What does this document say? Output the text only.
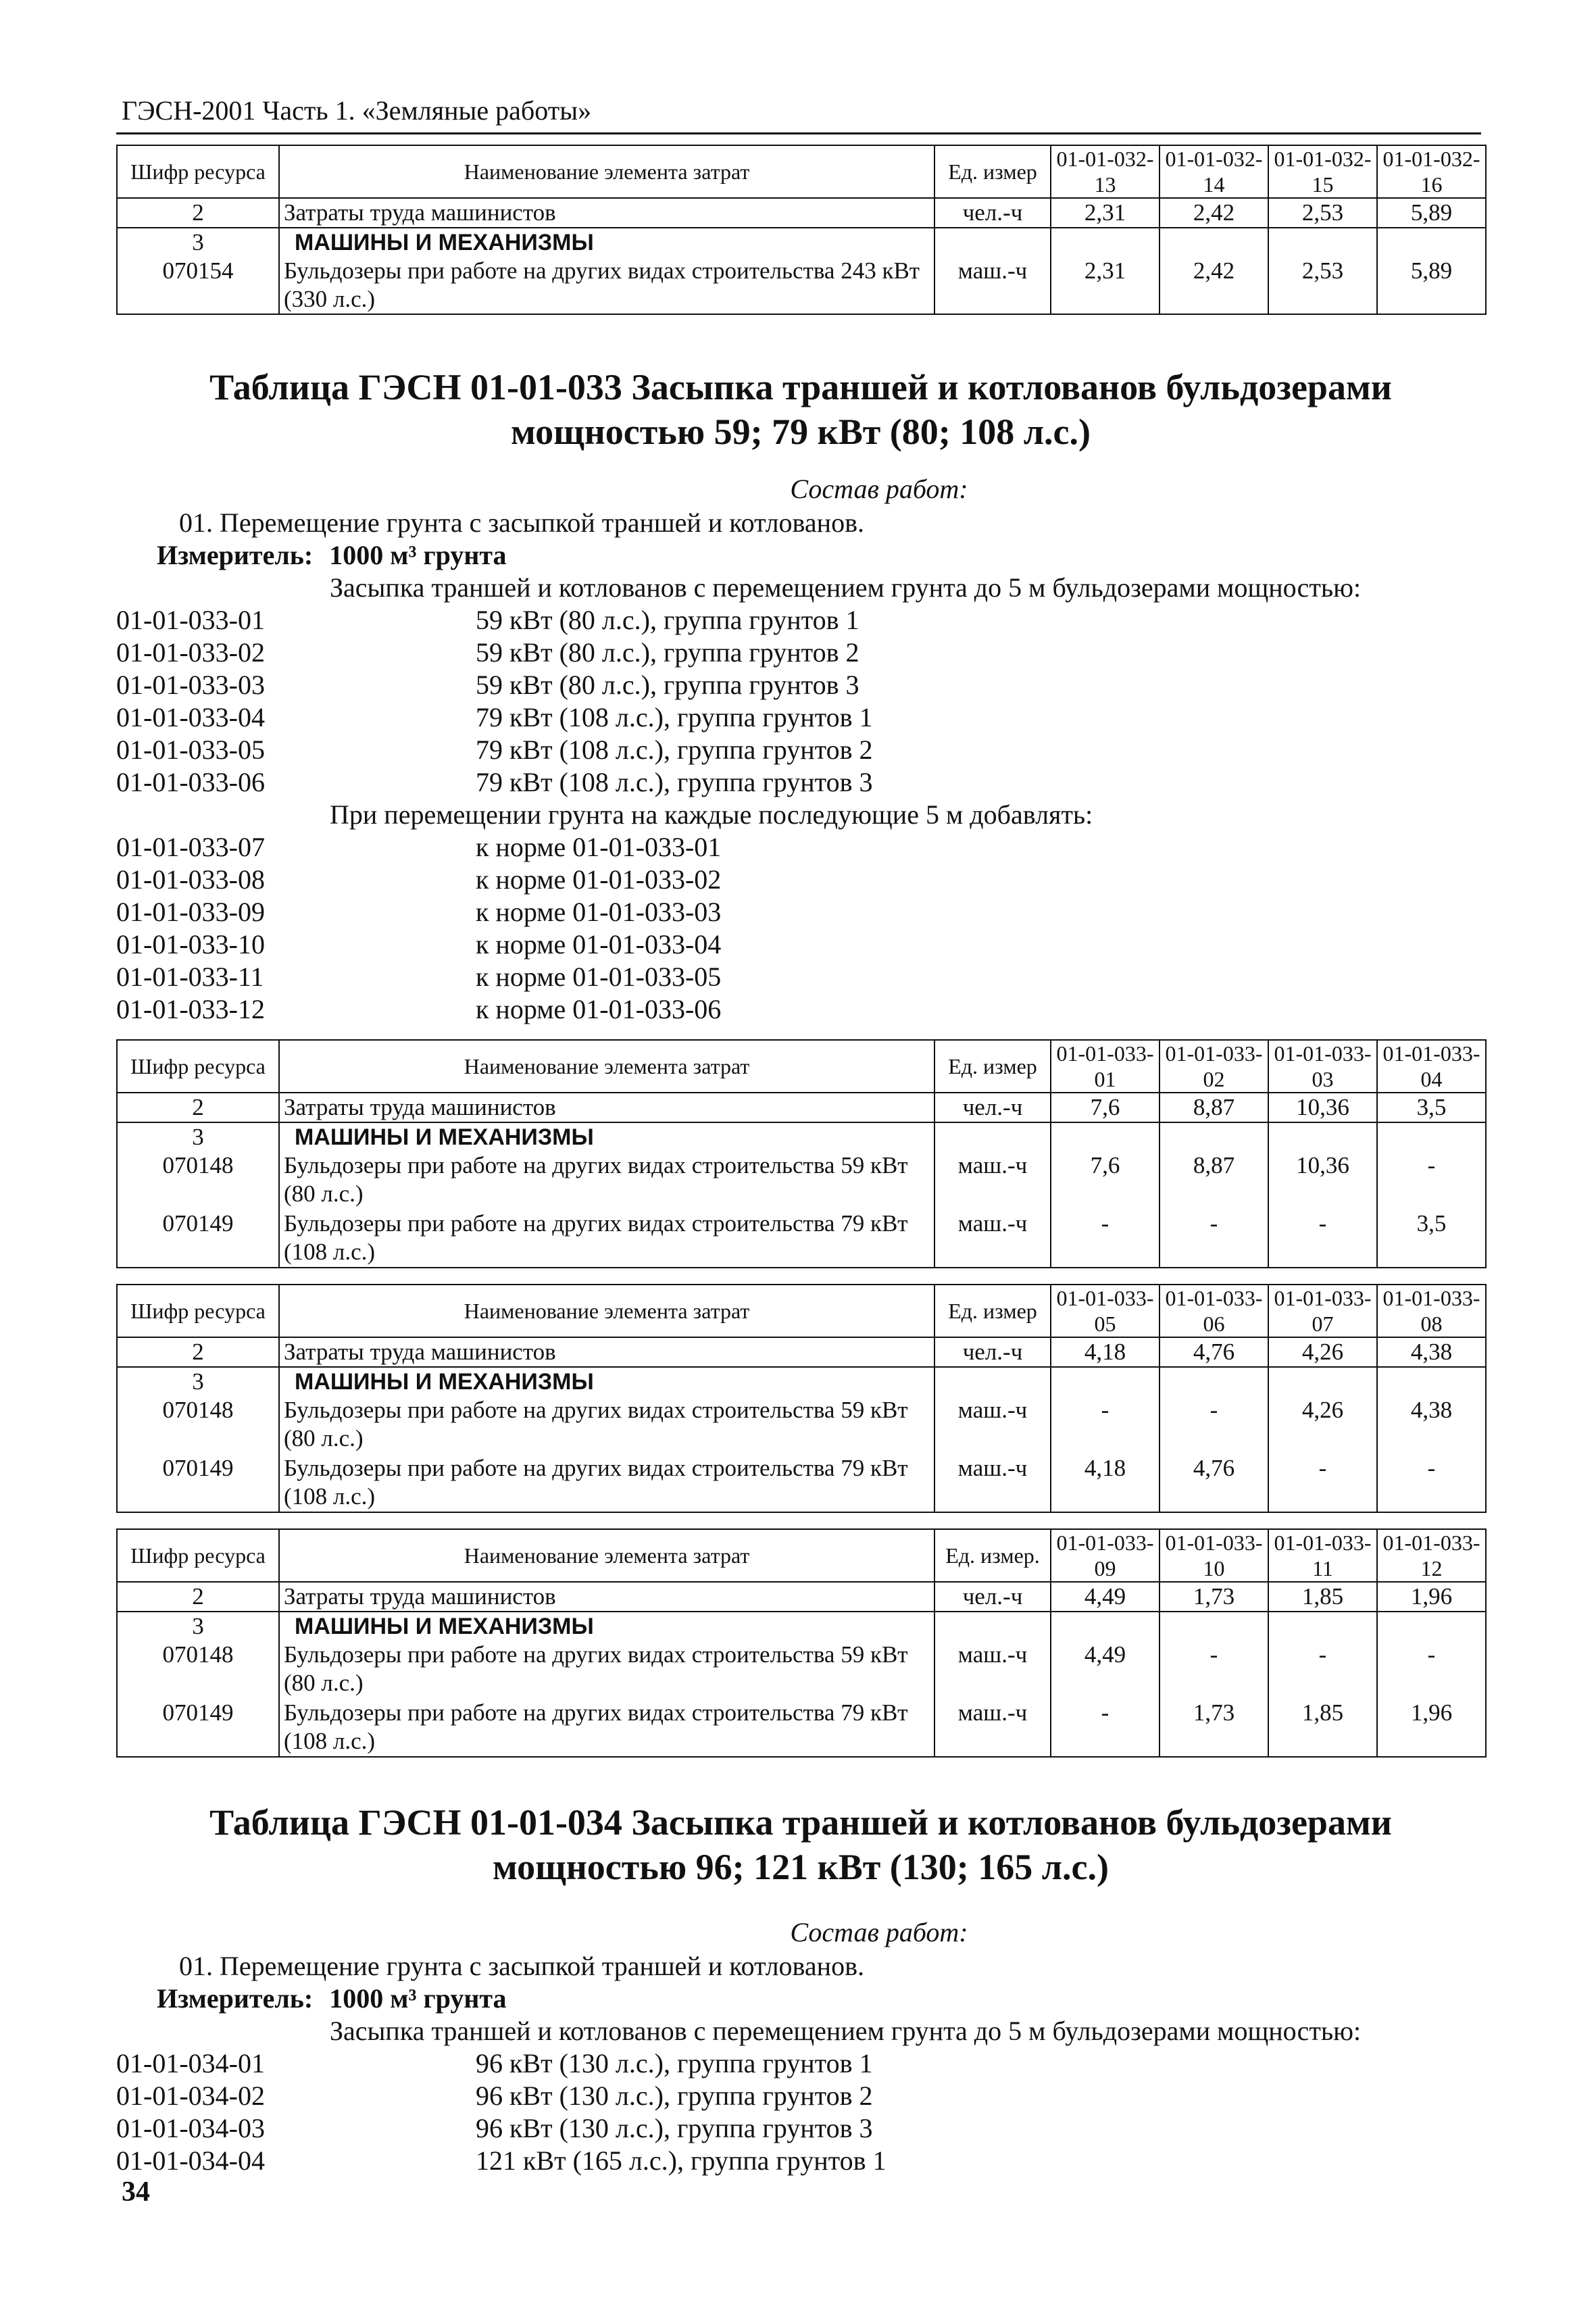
ГЭСН-2001 Часть 1. «Земляные работы»
Шифр ресурса	Наименование элемента затрат	Ед. измер	01-01-032-13	01-01-032-14	01-01-032-15	01-01-032-16
2	Затраты труда машинистов	чел.-ч	2,31	2,42	2,53	5,89
3	МАШИНЫ И МЕХАНИЗМЫ					
070154	Бульдозеры при работе на других видах строительства 243 кВт (330 л.с.)	маш.-ч	2,31	2,42	2,53	5,89
Таблица ГЭСН 01-01-033 Засыпка траншей и котлованов бульдозерами мощностью 59; 79 кВт (80; 108 л.с.)
Состав работ:
01. Перемещение грунта с засыпкой траншей и котлованов.
Измеритель: 1000 м³ грунта
Засыпка траншей и котлованов с перемещением грунта до 5 м бульдозерами мощностью:
01-01-033-01	59 кВт (80 л.с.), группа грунтов 1
01-01-033-02	59 кВт (80 л.с.), группа грунтов 2
01-01-033-03	59 кВт (80 л.с.), группа грунтов 3
01-01-033-04	79 кВт (108 л.с.), группа грунтов 1
01-01-033-05	79 кВт (108 л.с.), группа грунтов 2
01-01-033-06	79 кВт (108 л.с.), группа грунтов 3
При перемещении грунта на каждые последующие 5 м добавлять:
01-01-033-07	к норме 01-01-033-01
01-01-033-08	к норме 01-01-033-02
01-01-033-09	к норме 01-01-033-03
01-01-033-10	к норме 01-01-033-04
01-01-033-11	к норме 01-01-033-05
01-01-033-12	к норме 01-01-033-06
Шифр ресурса	Наименование элемента затрат	Ед. измер	01-01-033-01	01-01-033-02	01-01-033-03	01-01-033-04
2	Затраты труда машинистов	чел.-ч	7,6	8,87	10,36	3,5
3	МАШИНЫ И МЕХАНИЗМЫ					
070148	Бульдозеры при работе на других видах строительства 59 кВт (80 л.с.)	маш.-ч	7,6	8,87	10,36	-
070149	Бульдозеры при работе на других видах строительства 79 кВт (108 л.с.)	маш.-ч	-	-	-	3,5
Шифр ресурса	Наименование элемента затрат	Ед. измер	01-01-033-05	01-01-033-06	01-01-033-07	01-01-033-08
2	Затраты труда машинистов	чел.-ч	4,18	4,76	4,26	4,38
3	МАШИНЫ И МЕХАНИЗМЫ					
070148	Бульдозеры при работе на других видах строительства 59 кВт (80 л.с.)	маш.-ч	-	-	4,26	4,38
070149	Бульдозеры при работе на других видах строительства 79 кВт (108 л.с.)	маш.-ч	4,18	4,76	-	-
Шифр ресурса	Наименование элемента затрат	Ед. измер.	01-01-033-09	01-01-033-10	01-01-033-11	01-01-033-12
2	Затраты труда машинистов	чел.-ч	4,49	1,73	1,85	1,96
3	МАШИНЫ И МЕХАНИЗМЫ					
070148	Бульдозеры при работе на других видах строительства 59 кВт (80 л.с.)	маш.-ч	4,49	-	-	-
070149	Бульдозеры при работе на других видах строительства 79 кВт (108 л.с.)	маш.-ч	-	1,73	1,85	1,96
Таблица ГЭСН 01-01-034 Засыпка траншей и котлованов бульдозерами мощностью 96; 121 кВт (130; 165 л.с.)
Состав работ:
01. Перемещение грунта с засыпкой траншей и котлованов.
Измеритель: 1000 м³ грунта
Засыпка траншей и котлованов с перемещением грунта до 5 м бульдозерами мощностью:
01-01-034-01	96 кВт (130 л.с.), группа грунтов 1
01-01-034-02	96 кВт (130 л.с.), группа грунтов 2
01-01-034-03	96 кВт (130 л.с.), группа грунтов 3
01-01-034-04	121 кВт (165 л.с.), группа грунтов 1
34
